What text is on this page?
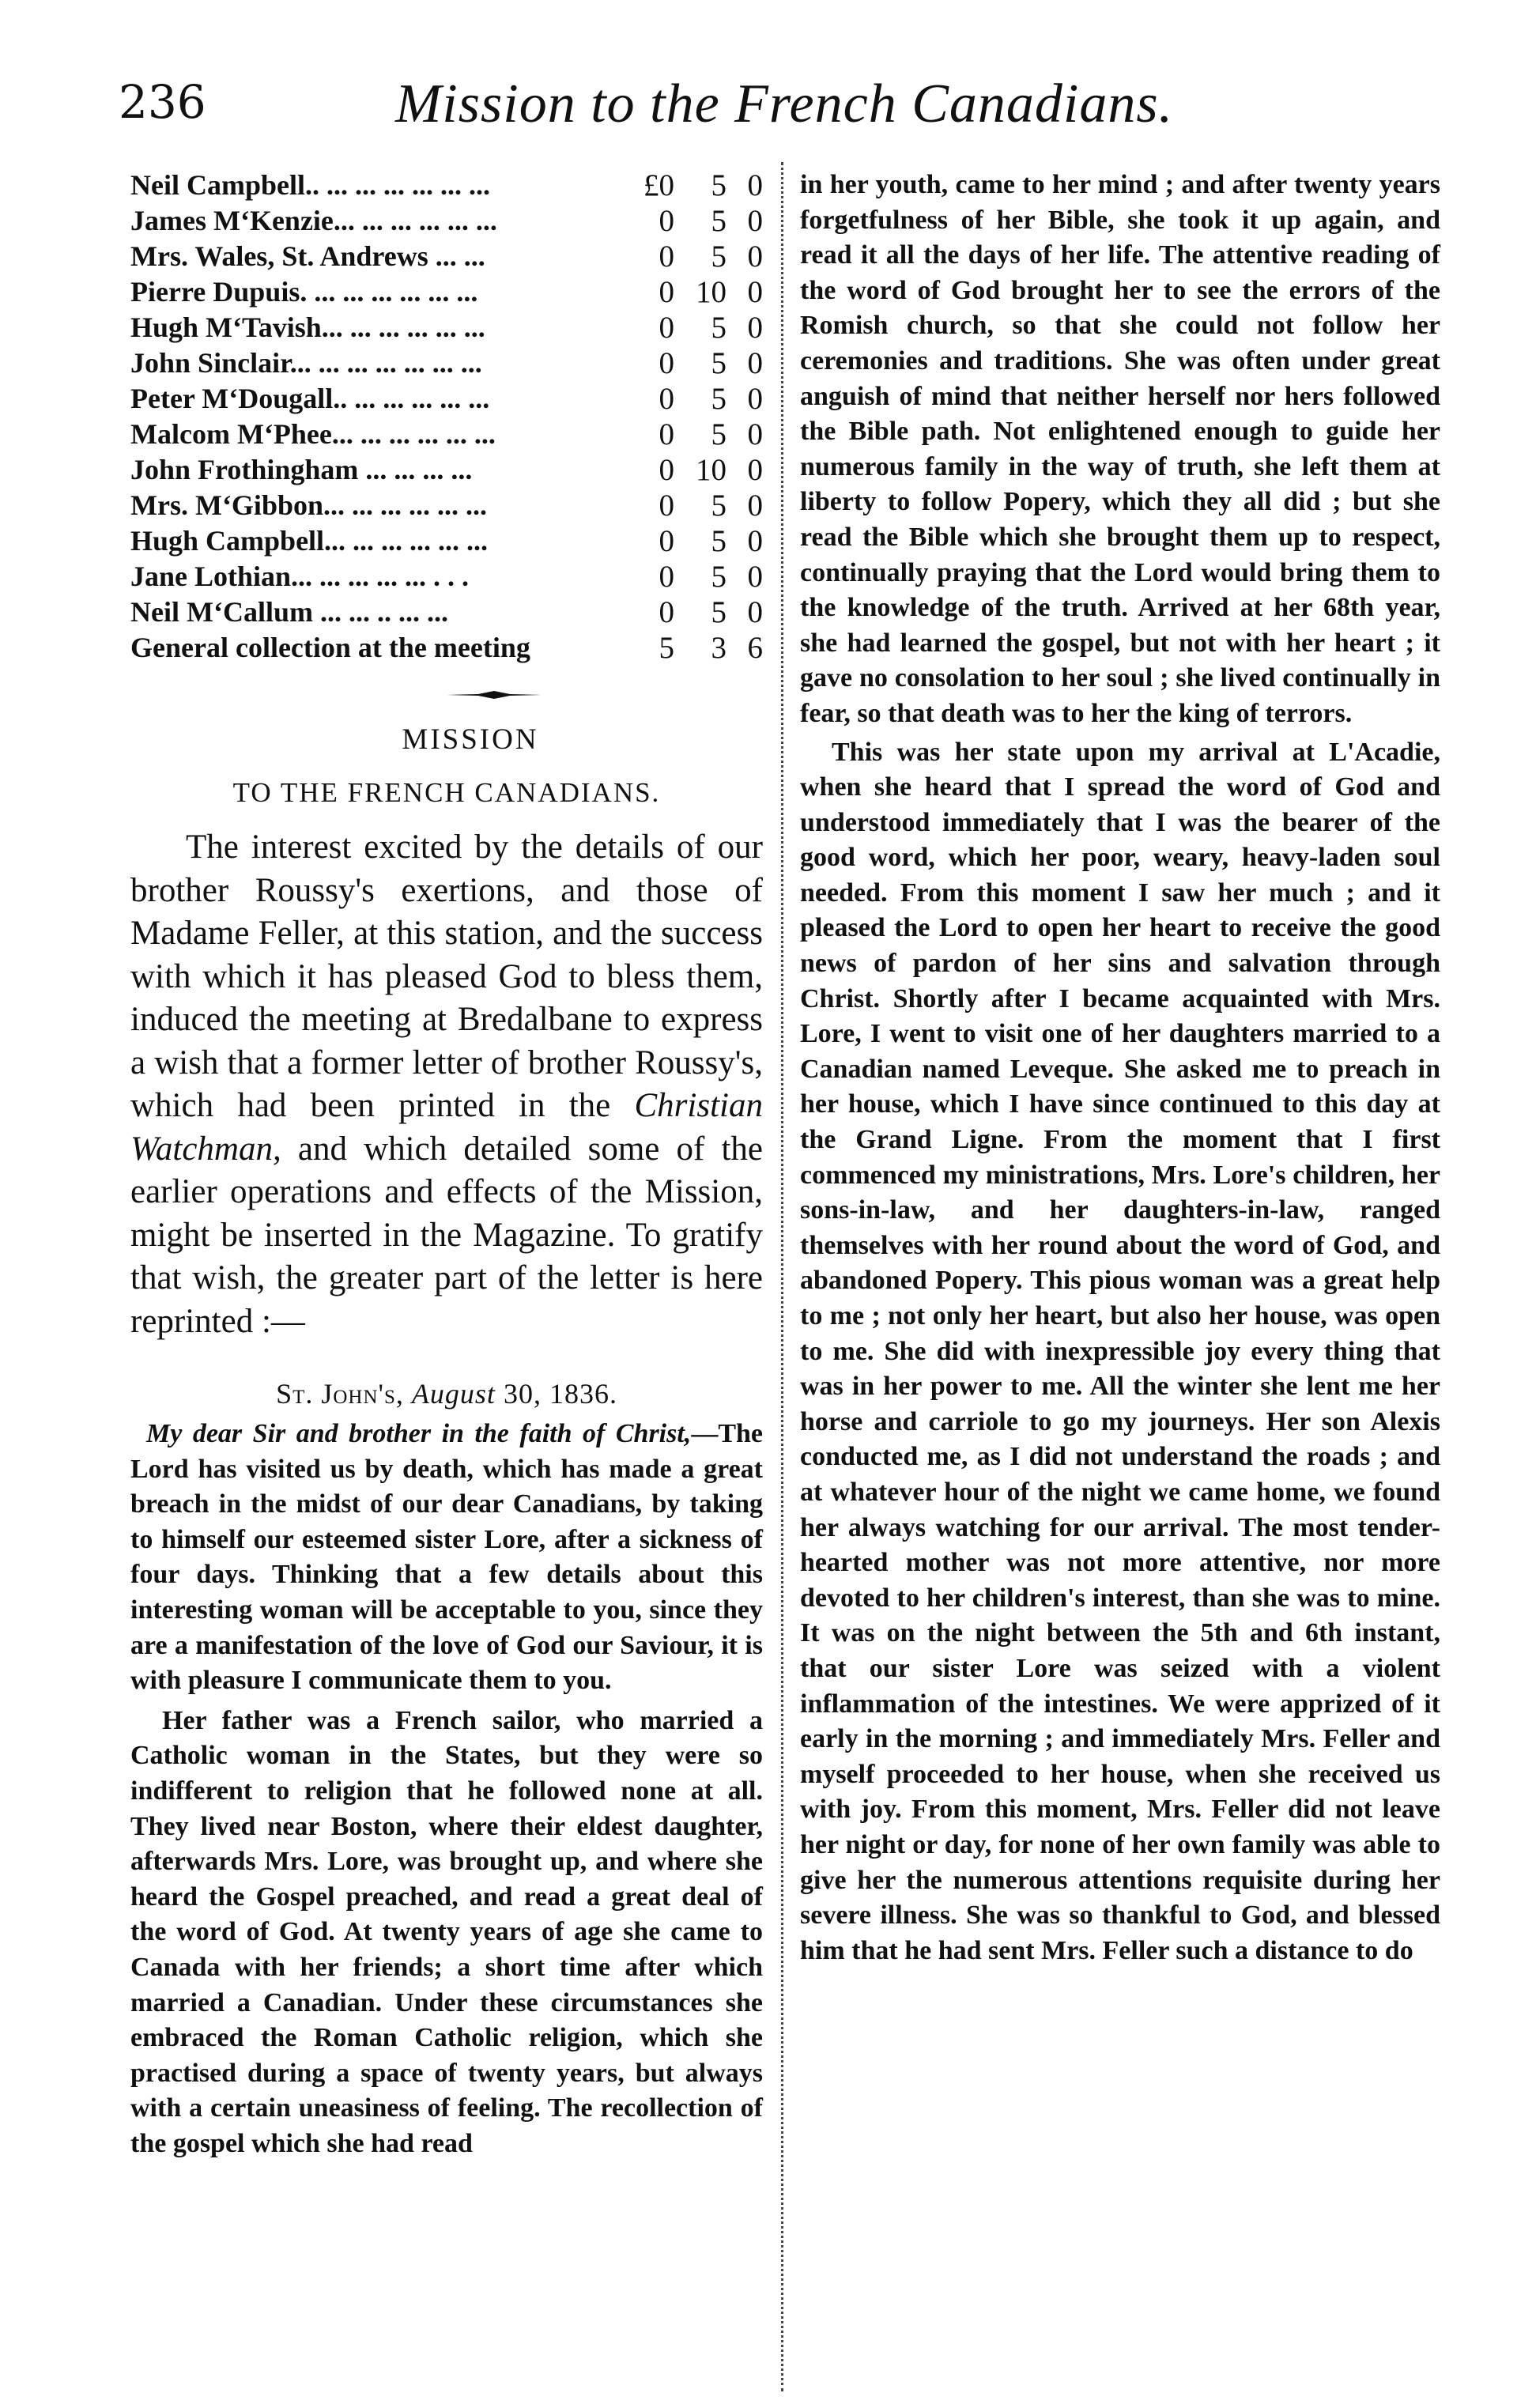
236	Mission to the French Canadians.
Neil Campbell.. ... ... ... ... ... ...	£0	5	0
James M‘Kenzie... ... ... ... ... ...	0	5	0
Mrs. Wales, St. Andrews ... ...	0	5	0
Pierre Dupuis. ... ... ... ... ... ...	0	10	0
Hugh M‘Tavish... ... ... ... ... ...	0	5	0
John Sinclair... ... ... ... ... ... ...	0	5	0
Peter M‘Dougall.. ... ... ... ... ...	0	5	0
Malcom M‘Phee... ... ... ... ... ...	0	5	0
John Frothingham ... ... ... ...	0	10	0
Mrs. M‘Gibbon... ... ... ... ... ...	0	5	0
Hugh Campbell... ... ... ... ... ...	0	5	0
Jane Lothian... ... ... ... ... . . .	0	5	0
Neil M‘Callum ... ... .. ... ...	0	5	0
General collection at the meeting	5	3	6
MISSION
TO THE FRENCH CANADIANS.

The interest excited by the details of our brother Roussy's exertions, and those of Madame Feller, at this station, and the success with which it has pleased God to bless them, induced the meeting at Bredalbane to express a wish that a former letter of brother Roussy's, which had been printed in the Christian Watchman, and which detailed some of the earlier operations and effects of the Mission, might be inserted in the Magazine. To gratify that wish, the greater part of the letter is here reprinted :—

St. John's, August 30, 1836.

My dear Sir and brother in the faith of Christ,—The Lord has visited us by death, which has made a great breach in the midst of our dear Canadians, by taking to himself our esteemed sister Lore, after a sickness of four days. Thinking that a few details about this interesting woman will be acceptable to you, since they are a manifestation of the love of God our Saviour, it is with pleasure I communicate them to you.

Her father was a French sailor, who married a Catholic woman in the States, but they were so indifferent to religion that he followed none at all. They lived near Boston, where their eldest daughter, afterwards Mrs. Lore, was brought up, and where she heard the Gospel preached, and read a great deal of the word of God. At twenty years of age she came to Canada with her friends; a short time after which married a Canadian. Under these circumstances she embraced the Roman Catholic religion, which she practised during a space of twenty years, but always with a certain uneasiness of feeling. The recollection of the gospel which she had read

in her youth, came to her mind ; and after twenty years forgetfulness of her Bible, she took it up again, and read it all the days of her life. The attentive reading of the word of God brought her to see the errors of the Romish church, so that she could not follow her ceremonies and traditions. She was often under great anguish of mind that neither herself nor hers followed the Bible path. Not enlightened enough to guide her numerous family in the way of truth, she left them at liberty to follow Popery, which they all did ; but she read the Bible which she brought them up to respect, continually praying that the Lord would bring them to the knowledge of the truth. Arrived at her 68th year, she had learned the gospel, but not with her heart ; it gave no consolation to her soul ; she lived continually in fear, so that death was to her the king of terrors.

This was her state upon my arrival at L'Acadie, when she heard that I spread the word of God and understood immediately that I was the bearer of the good word, which her poor, weary, heavy-laden soul needed. From this moment I saw her much ; and it pleased the Lord to open her heart to receive the good news of pardon of her sins and salvation through Christ. Shortly after I became acquainted with Mrs. Lore, I went to visit one of her daughters married to a Canadian named Leveque. She asked me to preach in her house, which I have since continued to this day at the Grand Ligne. From the moment that I first commenced my ministrations, Mrs. Lore's children, her sons-in-law, and her daughters-in-law, ranged themselves with her round about the word of God, and abandoned Popery. This pious woman was a great help to me ; not only her heart, but also her house, was open to me. She did with inexpressible joy every thing that was in her power to me. All the winter she lent me her horse and carriole to go my journeys. Her son Alexis conducted me, as I did not understand the roads ; and at whatever hour of the night we came home, we found her always watching for our arrival. The most tender-hearted mother was not more attentive, nor more devoted to her children's interest, than she was to mine. It was on the night between the 5th and 6th instant, that our sister Lore was seized with a violent inflammation of the intestines. We were apprized of it early in the morning ; and immediately Mrs. Feller and myself proceeded to her house, when she received us with joy. From this moment, Mrs. Feller did not leave her night or day, for none of her own family was able to give her the numerous attentions requisite during her severe illness. She was so thankful to God, and blessed him that he had sent Mrs. Feller such a distance to do
